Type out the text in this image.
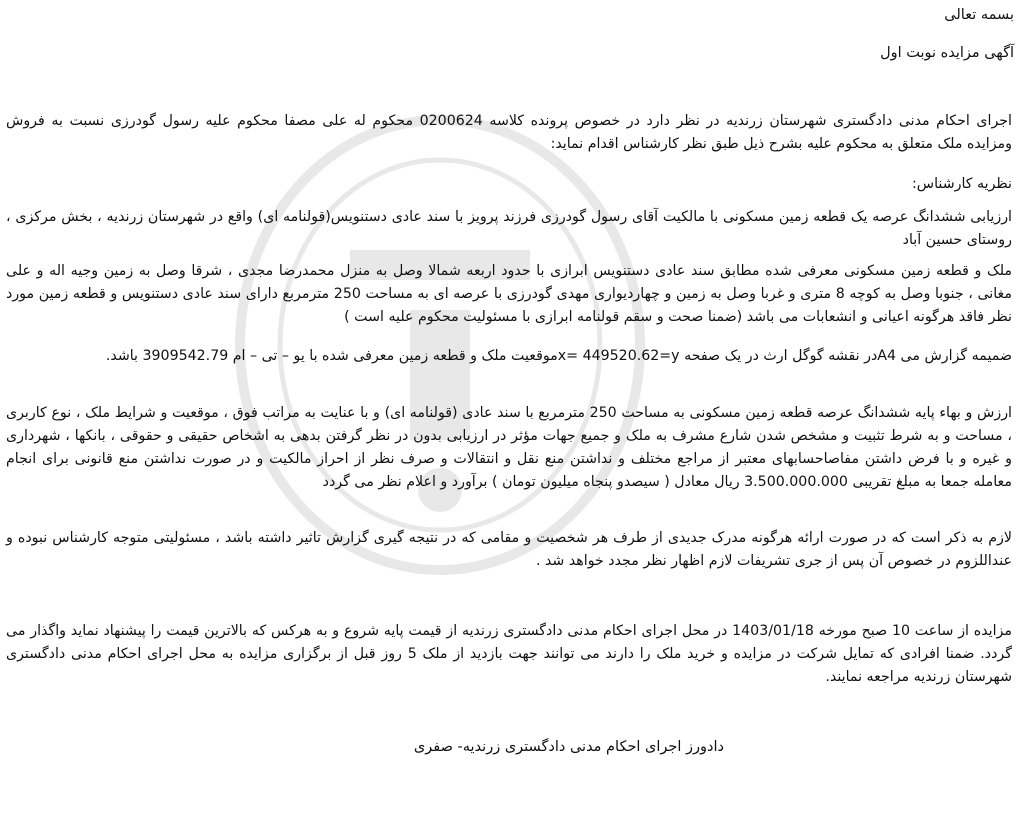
بسمه تعالی
آگهی مزایده نوبت اول

اجرای احکام مدنی دادگستری شهرستان زرندیه در نظر دارد در خصوص پرونده کلاسه 0200624 محکوم له علی مصفا محکوم علیه رسول گودرزی نسبت به فروش ومزایده ملک متعلق به محکوم علیه بشرح ذیل طبق نظر کارشناس اقدام نماید:

نظریه کارشناس:

ارزیابی ششدانگ عرصه یک قطعه زمین مسکونی با مالکیت آقای رسول گودرزی فرزند پرویز با سند عادی دستنویس(قولنامه ای) واقع در شهرستان زرندیه ، بخش مرکزی ، روستای حسین آباد

ملک و قطعه زمین مسکونی معرفی شده مطابق سند عادی دستنویس ابرازی با حدود اربعه شمالا وصل به منزل محمدرضا مجدی ، شرقا وصل به زمین وجیه اله و علی مغانی ، جنوبا وصل به کوچه 8 متری و غربا وصل به زمین و چهاردیواری مهدی گودرزی با عرصه ای به مساحت 250 مترمربع دارای سند عادی دستنویس و قطعه زمین مورد نظر فاقد هرگونه اعیانی و انشعابات می باشد (ضمنا صحت و سقم قولنامه ابرازی با مسئولیت محکوم علیه است )

ضمیمه گزارش می A4در نقشه گوگل ارث در یک صفحه x= 449520.62=yموقعیت ملک و قطعه زمین معرفی شده با یو – تی – ام 3909542.79 باشد.

ارزش و بهاء پایه ششدانگ عرصه قطعه زمین مسکونی به مساحت 250 مترمربع با سند عادی (قولنامه ای) و با عنایت به مراتب فوق ، موقعیت و شرایط ملک ، نوع کاربری ، مساحت و به شرط تثبیت و مشخص شدن شارع مشرف به ملک و جمیع جهات مؤثر در ارزیابی بدون در نظر گرفتن بدهی به اشخاص حقیقی و حقوقی ، بانکها ، شهرداری و غیره و با فرض داشتن مفاصاحسابهای معتبر از مراجع مختلف و نداشتن منع نقل و انتقالات و صرف نظر از احراز مالکیت و در صورت نداشتن منع قانونی برای انجام معامله جمعا به مبلغ تقریبی 3.500.000.000 ریال معادل ( سیصدو پنجاه میلیون تومان ) برآورد و اعلام نظر می گردد

لازم به ذکر است که در صورت ارائه هرگونه مدرک جدیدی از طرف هر شخصیت و مقامی که در نتیجه گیری گزارش تاثیر داشته باشد ، مسئولیتی متوجه کارشناس نبوده و عنداللزوم در خصوص آن پس از جری تشریفات لازم اظهار نظر مجدد خواهد شد .

مزایده از ساعت 10 صبح مورخه 1403/01/18 در محل اجرای احکام مدنی دادگستری زرندیه از قیمت پایه شروع و به هرکس که بالاترین قیمت را پیشنهاد نماید واگذار می گردد. ضمنا افرادی که تمایل شرکت در مزایده و خرید ملک را دارند می توانند جهت بازدید از ملک 5 روز قبل از برگزاری مزایده به محل اجرای احکام مدنی دادگستری شهرستان زرندیه مراجعه نمایند.

دادورز اجرای احکام مدنی دادگستری زرندیه- صفری
